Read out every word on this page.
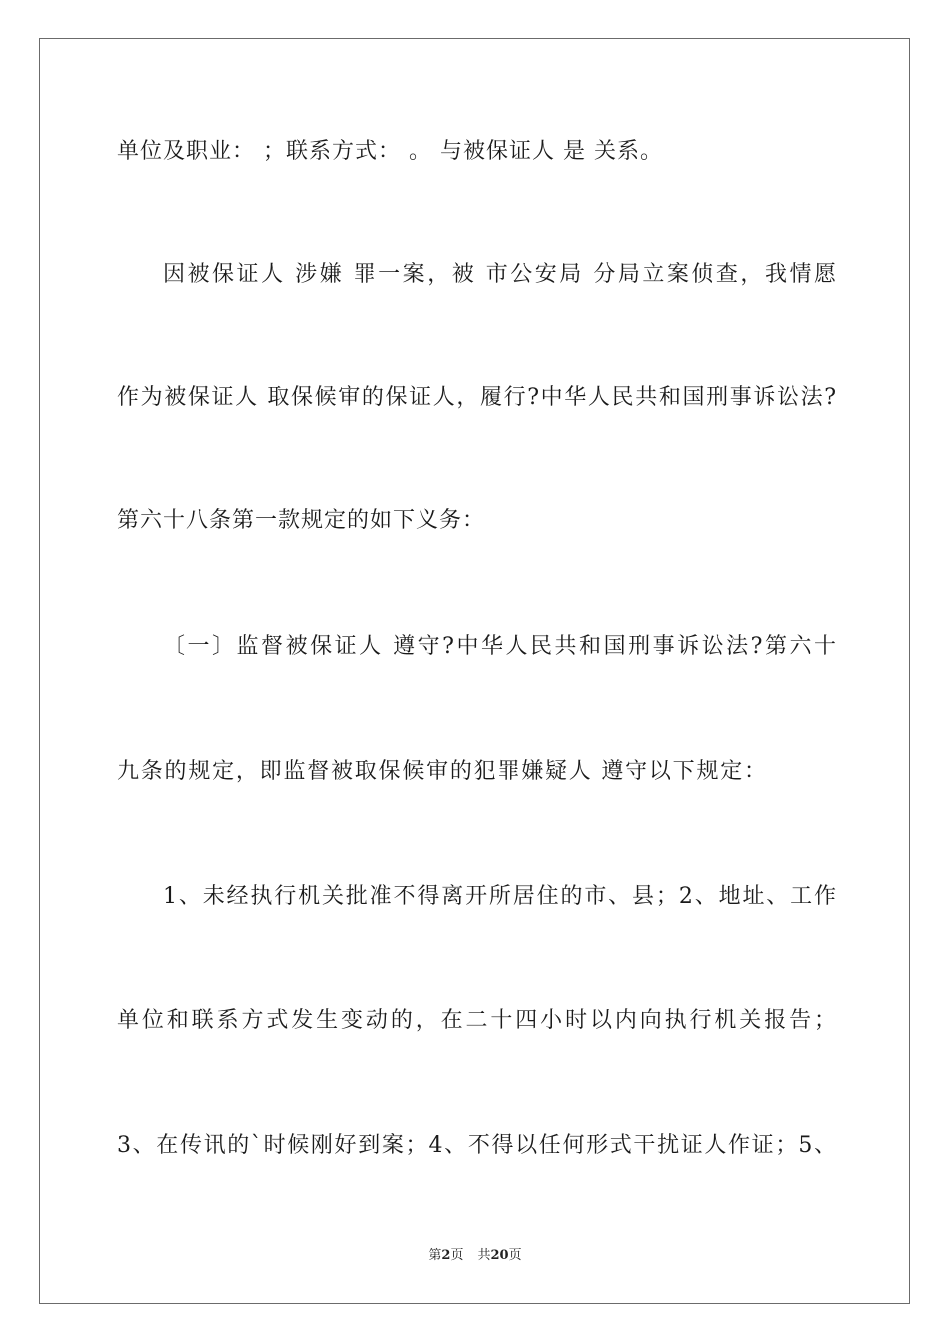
单位及职业： ；联系方式： 。 与被保证人 是 关系。
因被保证人 涉嫌 罪一案，被 市公安局 分局立案侦查，我情愿
作为被保证人 取保候审的保证人，履行?中华人民共和国刑事诉讼法?
第六十八条第一款规定的如下义务：
〔一〕监督被保证人 遵守?中华人民共和国刑事诉讼法?第六十
九条的规定，即监督被取保候审的犯罪嫌疑人 遵守以下规定：
1、未经执行机关批准不得离开所居住的市、县；2、地址、工作
单位和联系方式发生变动的，在二十四小时以内向执行机关报告；
3、在传讯的`时候刚好到案；4、不得以任何形式干扰证人作证；5、
第2页 共20页
